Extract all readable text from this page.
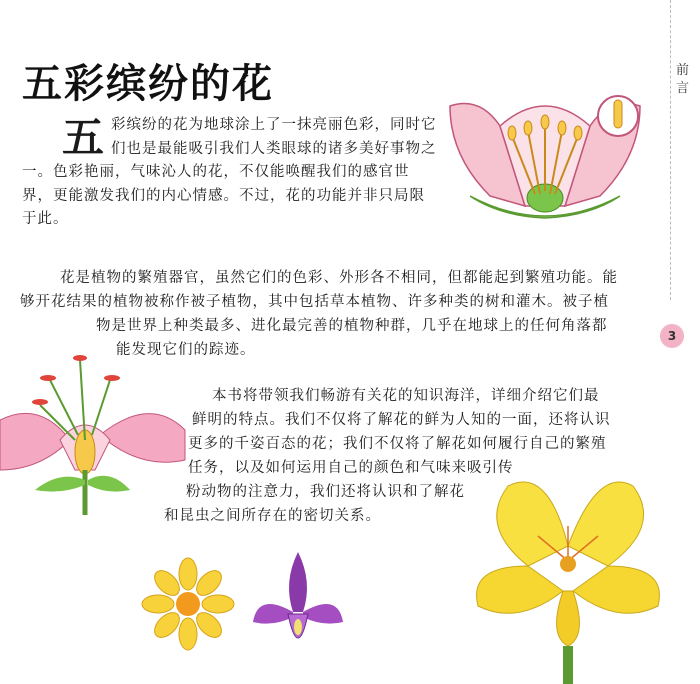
五彩缤纷的花	前言
3

五 彩缤纷的花为地球涂上了一抹亮丽色彩，同时它们也是最能吸引我们人类眼球的诸多美好事物之一。色彩艳丽，气味沁人的花，不仅能唤醒我们的感官世界，更能激发我们的内心情感。不过，花的功能并非只局限于此。

花是植物的繁殖器官，虽然它们的色彩、外形各不相同，但都能起到繁殖功能。能
够开花结果的植物被称作被子植物，其中包括草本植物、许多种类的树和灌木。被子植
物是世界上种类最多、进化最完善的植物种群，几乎在地球上的任何角落都
能发现它们的踪迹。
本书将带领我们畅游有关花的知识海洋，详细介绍它们最
鲜明的特点。我们不仅将了解花的鲜为人知的一面，还将认识
更多的千姿百态的花；我们不仅将了解花如何履行自己的繁殖
任务，以及如何运用自己的颜色和气味来吸引传
粉动物的注意力，我们还将认识和了解花
和昆虫之间所存在的密切关系。
